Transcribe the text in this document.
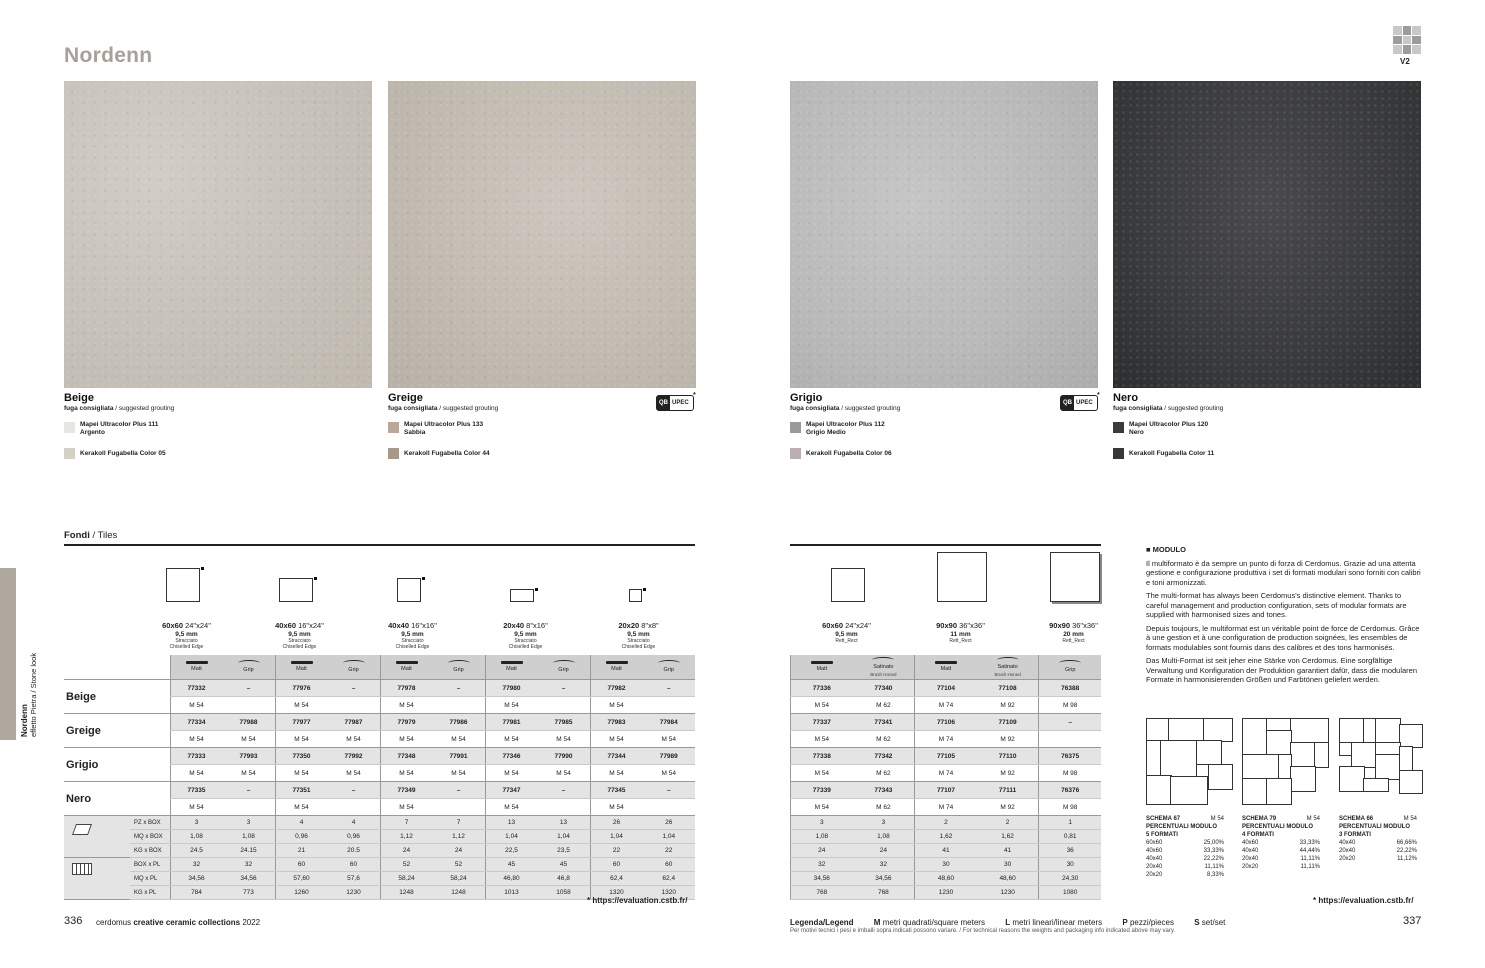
Nordenn	V2
Beige
fuga consigliata / suggested grouting
Mapei Ultracolor Plus 111
Argento
Kerakoll Fugabella Color 05
Greige
fuga consigliata / suggested grouting
Mapei Ultracolor Plus 133
Sabbia
Kerakoll Fugabella Color 44
Grigio
fuga consigliata / suggested grouting
Mapei Ultracolor Plus 112
Grigio Medio
Kerakoll Fugabella Color 06
Nero
fuga consigliata / suggested grouting
Mapei Ultracolor Plus 120
Nero
Kerakoll Fugabella Color 11
QB UPEC
*
QB UPEC
*
Nordenn
effetto Pietra / Stone look
Fondi / Tiles
60x60 24"x24"
9,5 mm

Stracciato
Chiselled Edge
40x60 16"x24"
9,5 mm

Stracciato
Chiselled Edge
40x40 16"x16"
9,5 mm

Stracciato
Chiselled Edge
20x40 8"x16"
9,5 mm

Stracciato
Chiselled Edge
20x20 8"x8"
9,5 mm

Stracciato
Chiselled Edge
60x60 24"x24"
9,5 mm

Rett_Rect
90x90 36"x36"
11 mm

Rett_Rect
90x90 36"x36"
20 mm

Rett_Rect

		Matt	Grip	Matt	Grip	Matt	Grip	Matt	Grip	Matt	Grip

Beige		77332	–	77976	–	77978	–	77980	–	77982	–
		M 54		M 54		M 54		M 54		M 54	
Greige		77334	77988	77977	77987	77979	77986	77981	77985	77983	77984
		M 54	M 54	M 54	M 54	M 54	M 54	M 54	M 54	M 54	M 54
Grigio		77333	77993	77350	77992	77348	77991	77346	77990	77344	77989
		M 54	M 54	M 54	M 54	M 54	M 54	M 54	M 54	M 54	M 54
Nero		77335	–	77351	–	77349	–	77347	–	77345	–
		M 54		M 54		M 54		M 54		M 54	
	PZ x BOX	3	3	4	4	7	7	13	13	26	26
	MQ x BOX	1,08	1,08	0,96	0,96	1,12	1,12	1,04	1,04	1,04	1,04
	KG x BOX	24.5	24.15	21	20.5	24	24	22,5	23,5	22	22
	BOX x PL	32	32	60	60	52	52	45	45	60	60
	MQ x PL	34,56	34,56	57,60	57,6	58,24	58,24	46,80	46,8	62,4	62,4
	KG x PL	784	773	1260	1230	1248	1248	1013	1058	1320	1320
Matt	Satinato
Brush Honed	Matt	Satinato
Brush Honed	Grip

77336	77340	77104	77108	76388
M 54	M 62	M 74	M 92	M 98
77337	77341	77106	77109	–
M 54	M 62	M 74	M 92	
77338	77342	77105	77110	76375
M 54	M 62	M 74	M 92	M 98
77339	77343	77107	77111	76376
M 54	M 62	M 74	M 92	M 98
3	3	2	2	1
1,08	1,08	1,62	1,62	0,81
24	24	41	41	36
32	32	30	30	30
34,56	34,56	48,60	48,60	24,30
768	768	1230	1230	1080
■ MODULO

Il multiformato è da sempre un punto di forza di Cerdomus. Grazie ad una attenta gestione e configurazione produttiva i set di formati modulari sono forniti con calibri e toni armonizzati.

The multi-format has always been Cerdomus's distinctive element. Thanks to careful management and production configuration, sets of modular formats are supplied with harmonised sizes and tones.

Depuis toujours, le multiformat est un véritable point de force de Cerdomus. Grâce à une gestion et à une configuration de production soignées, les ensembles de formats modulables sont fournis dans des calibres et des tons harmonisés.

Das Multi-Format ist seit jeher eine Stärke von Cerdomus. Eine sorgfältige Verwaltung und Konfiguration der Produktion garantiert dafür, dass die modularen Formate in harmonisierenden Größen und Farbtönen geliefert werden.

SCHEMA 67	M 54
PERCENTUALI MODULO
5 FORMATI
60x60	25,00%
40x60	33,33%
40x40	22,22%
20x40	11,11%
20x20	8,33%
SCHEMA 79	M 54
PERCENTUALI MODULO
4 FORMATI
40x60	33,33%
40x40	44,44%
20x40	11,11%
20x20	11,11%
SCHEMA 66	M 54
PERCENTUALI MODULO
3 FORMATI
40x40	66,66%
20x40	22,22%
20x20	11,12%
* https://evaluation.cstb.fr/	* https://evaluation.cstb.fr/
336 cerdomus creative ceramic collections 2022	337
Legenda/Legend	M metri quadrati/square meters	L metri lineari/linear meters	P pezzi/pieces	S set/set
Per motivi tecnici i pesi e imballi sopra indicati possono variare. / For technical reasons the weights and packaging info indicated above may vary.
